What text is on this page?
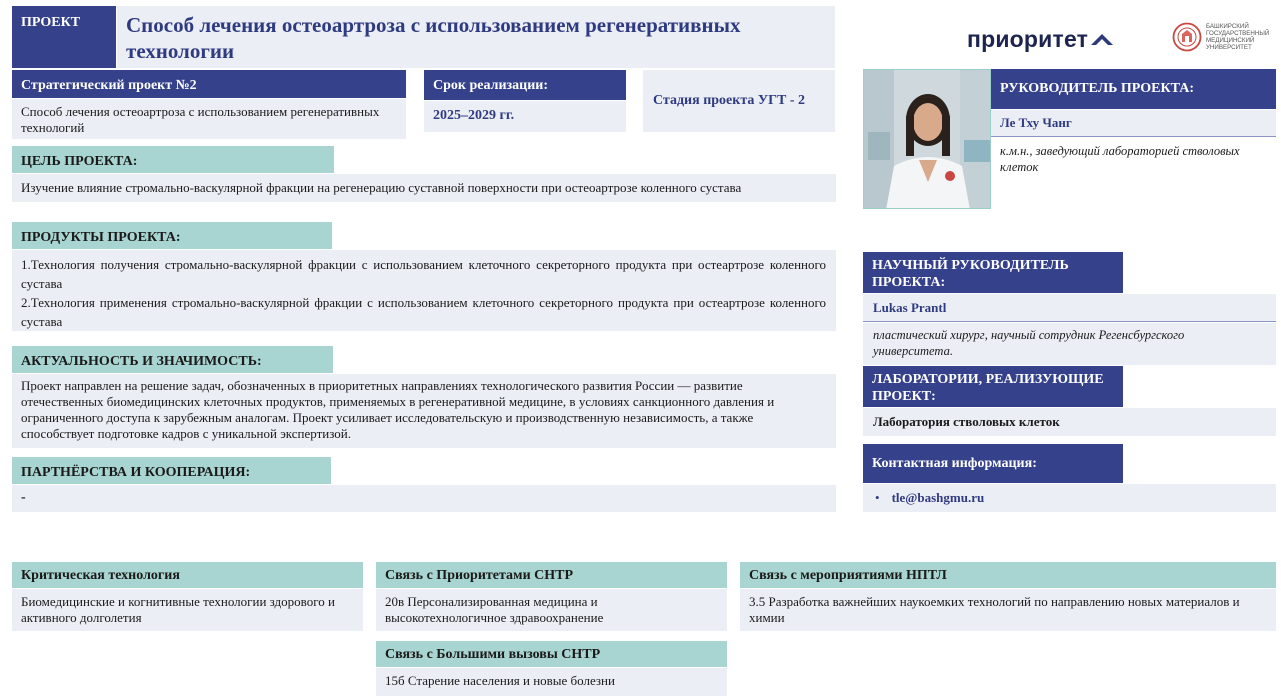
ПРОЕКТ	Способ лечения остеоартроза с использованием регенеративных технологии	приоритет	БАШКИРСКИЙ
ГОСУДАРСТВЕННЫЙ
МЕДИЦИНСКИЙ
УНИВЕРСИТЕТ
Стратегический проект №2
Способ лечения остеоартроза с использованием регенеративных технологий
Срок реализации:
2025–2029 гг.
Стадия проекта УГТ - 2
ЦЕЛЬ ПРОЕКТА:
Изучение влияние стромально-васкулярной фракции на регенерацию суставной поверхности при остеоартрозе коленного сустава
ПРОДУКТЫ ПРОЕКТА:
1.Технология получения стромально-васкулярной фракции с использованием клеточного секреторного продукта при остеартрозе коленного сустава
2.Технология применения стромально-васкулярной фракции с использованием клеточного секреторного продукта при остеартрозе коленного сустава
АКТУАЛЬНОСТЬ И ЗНАЧИМОСТЬ:
Проект направлен на решение задач, обозначенных в приоритетных направлениях технологического развития России — развитие отечественных биомедицинских клеточных продуктов, применяемых в регенеративной медицине, в условиях санкционного давления и ограниченного доступа к зарубежным аналогам. Проект усиливает исследовательскую и производственную независимость, а также способствует подготовке кадров с уникальной экспертизой.
ПАРТНЁРСТВА И КООПЕРАЦИЯ:
-
РУКОВОДИТЕЛЬ ПРОЕКТА:
Ле Тху Чанг
к.м.н., заведующий лабораторией стволовых клеток
НАУЧНЫЙ РУКОВОДИТЕЛЬ ПРОЕКТА:
Lukas Prantl
пластический хирург, научный сотрудник Регенсбургского университета.
ЛАБОРАТОРИИ, РЕАЛИЗУЮЩИЕ ПРОЕКТ:
Лаборатория стволовых клеток
Контактная информация:
• tle@bashgmu.ru
Критическая технология
Биомедицинские и когнитивные технологии здорового и активного долголетия
Связь с Приоритетами СНТР
20в Персонализированная медицина и высокотехнологичное здравоохранение
Связь с мероприятиями НПТЛ
3.5 Разработка важнейших наукоемких технологий по направлению новых материалов и химии
Связь с Большими вызовы СНТР
15б Старение населения и новые болезни
